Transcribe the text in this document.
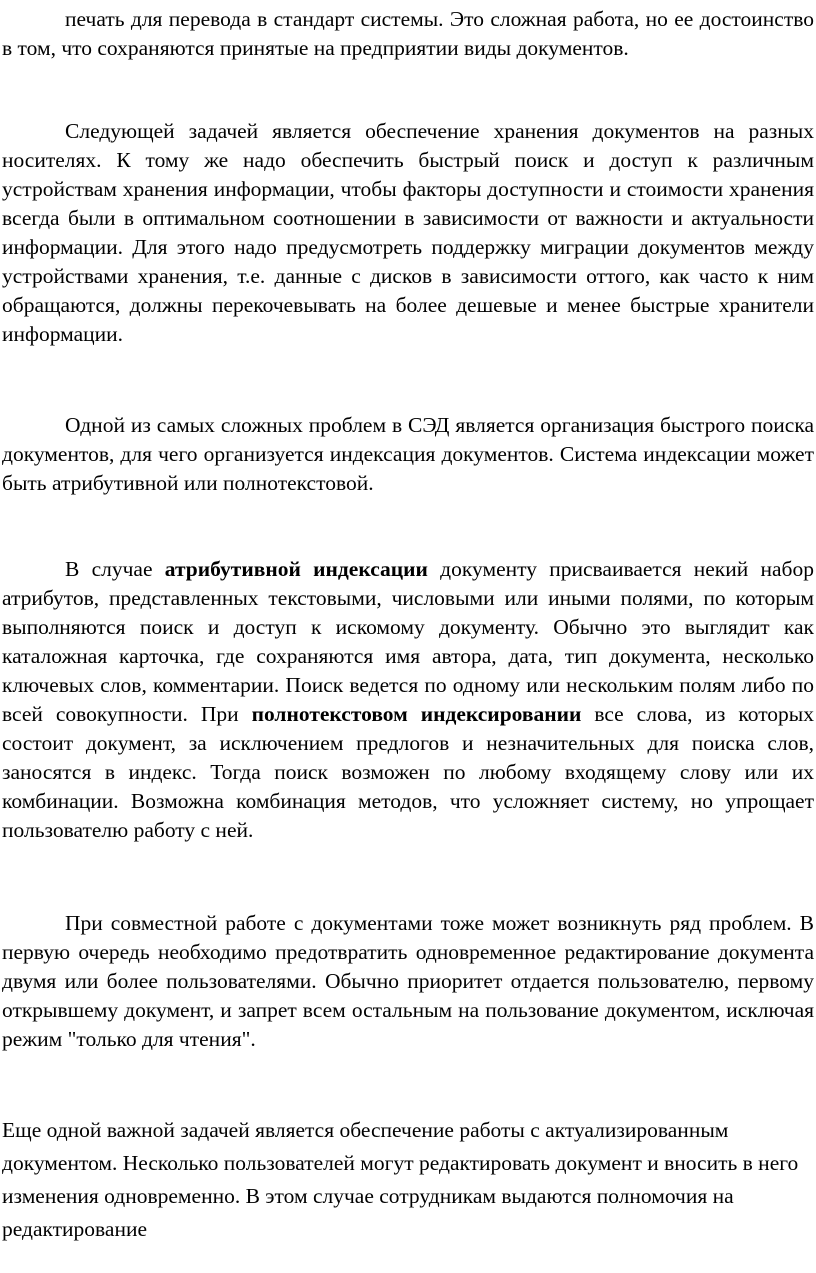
печать для перевода в стандарт системы. Это сложная работа, но ее достоинство в том, что сохраняются принятые на предприятии виды документов.

Следующей задачей является обеспечение хранения документов на разных носителях. К тому же надо обеспечить быстрый поиск и доступ к различным устройствам хранения информации, чтобы факторы доступности и стоимости хранения всегда были в оптимальном соотношении в зависимости от важности и актуальности информации. Для этого надо предусмотреть поддержку миграции документов между устройствами хранения, т.е. данные с дисков в зависимости оттого, как часто к ним обращаются, должны перекочевывать на более дешевые и менее быстрые хранители информации.

Одной из самых сложных проблем в СЭД является организация быстрого поиска документов, для чего организуется индексация документов. Система индексации может быть атрибутивной или полнотекстовой.

В случае атрибутивной индексации документу присваивается некий набор атрибутов, представленных текстовыми, числовыми или иными полями, по которым выполняются поиск и доступ к искомому документу. Обычно это выглядит как каталожная карточка, где сохраняются имя автора, дата, тип документа, несколько ключевых слов, комментарии. Поиск ведется по одному или нескольким полям либо по всей совокупности. При полнотекстовом индексировании все слова, из которых состоит документ, за исключением предлогов и незначительных для поиска слов, заносятся в индекс. Тогда поиск возможен по любому входящему слову или их комбинации. Возможна комбинация методов, что усложняет систему, но упрощает пользователю работу с ней.

При совместной работе с документами тоже может возникнуть ряд проблем. В первую очередь необходимо предотвратить одновременное редактирование документа двумя или более пользователями. Обычно приоритет отдается пользователю, первому открывшему документ, и запрет всем остальным на пользование документом, исключая режим "только для чтения".

Еще одной важной задачей является обеспечение работы с актуализированным документом. Несколько пользователей могут редактировать документ и вносить в него изменения одновременно. В этом случае сотрудникам выдаются полномочия на редактирование
